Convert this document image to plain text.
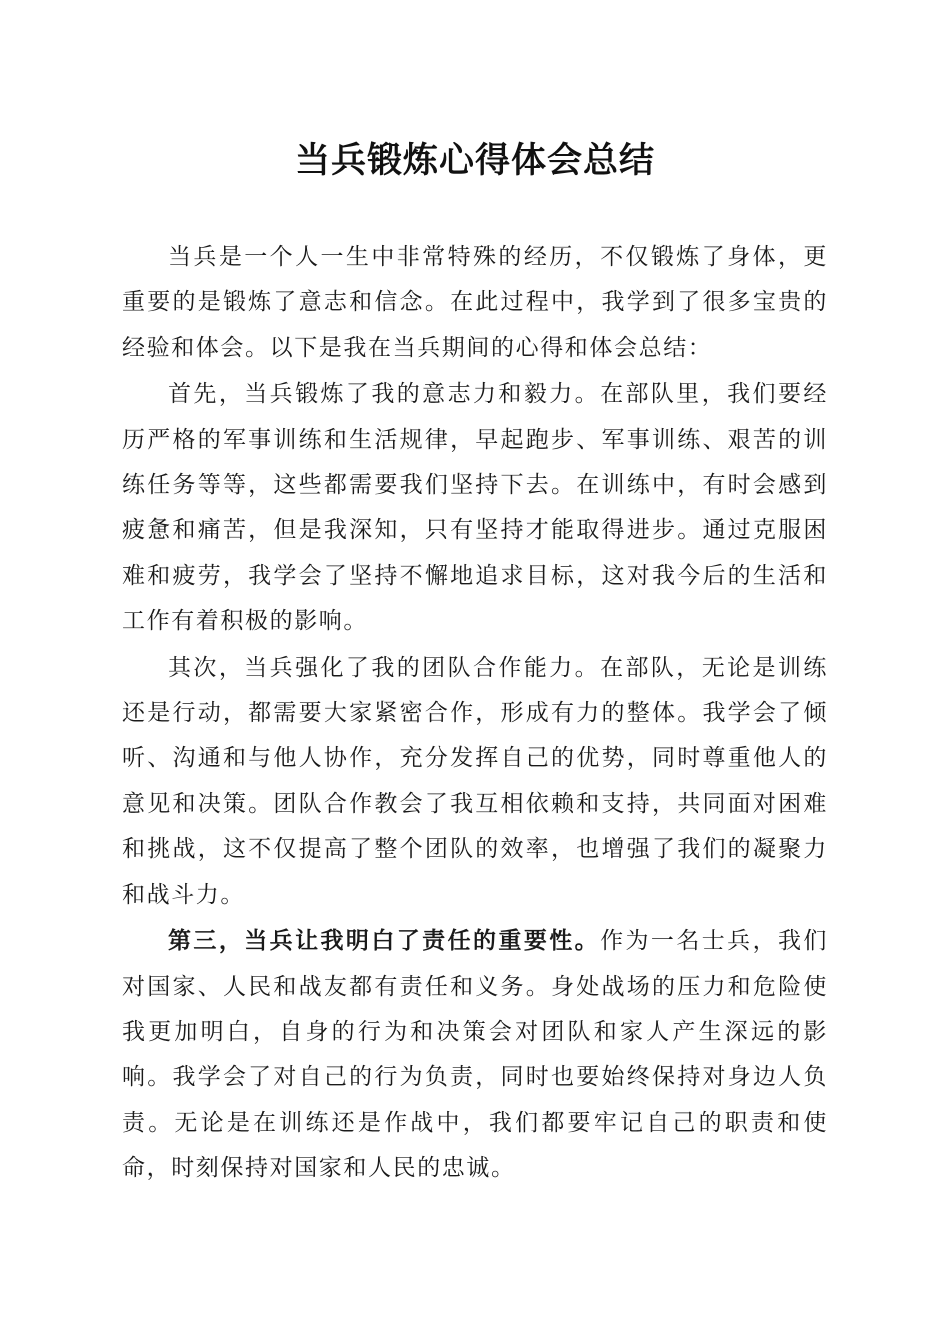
当兵锻炼心得体会总结

当兵是一个人一生中非常特殊的经历，不仅锻炼了身体，更重要的是锻炼了意志和信念。在此过程中，我学到了很多宝贵的经验和体会。以下是我在当兵期间的心得和体会总结：

首先，当兵锻炼了我的意志力和毅力。在部队里，我们要经历严格的军事训练和生活规律，早起跑步、军事训练、艰苦的训练任务等等，这些都需要我们坚持下去。在训练中，有时会感到疲惫和痛苦，但是我深知，只有坚持才能取得进步。通过克服困难和疲劳，我学会了坚持不懈地追求目标，这对我今后的生活和工作有着积极的影响。

其次，当兵强化了我的团队合作能力。在部队，无论是训练还是行动，都需要大家紧密合作，形成有力的整体。我学会了倾听、沟通和与他人协作，充分发挥自己的优势，同时尊重他人的意见和决策。团队合作教会了我互相依赖和支持，共同面对困难和挑战，这不仅提高了整个团队的效率，也增强了我们的凝聚力和战斗力。

第三，当兵让我明白了责任的重要性。作为一名士兵，我们对国家、人民和战友都有责任和义务。身处战场的压力和危险使我更加明白，自身的行为和决策会对团队和家人产生深远的影响。我学会了对自己的行为负责，同时也要始终保持对身边人负责。无论是在训练还是作战中，我们都要牢记自己的职责和使命，时刻保持对国家和人民的忠诚。
